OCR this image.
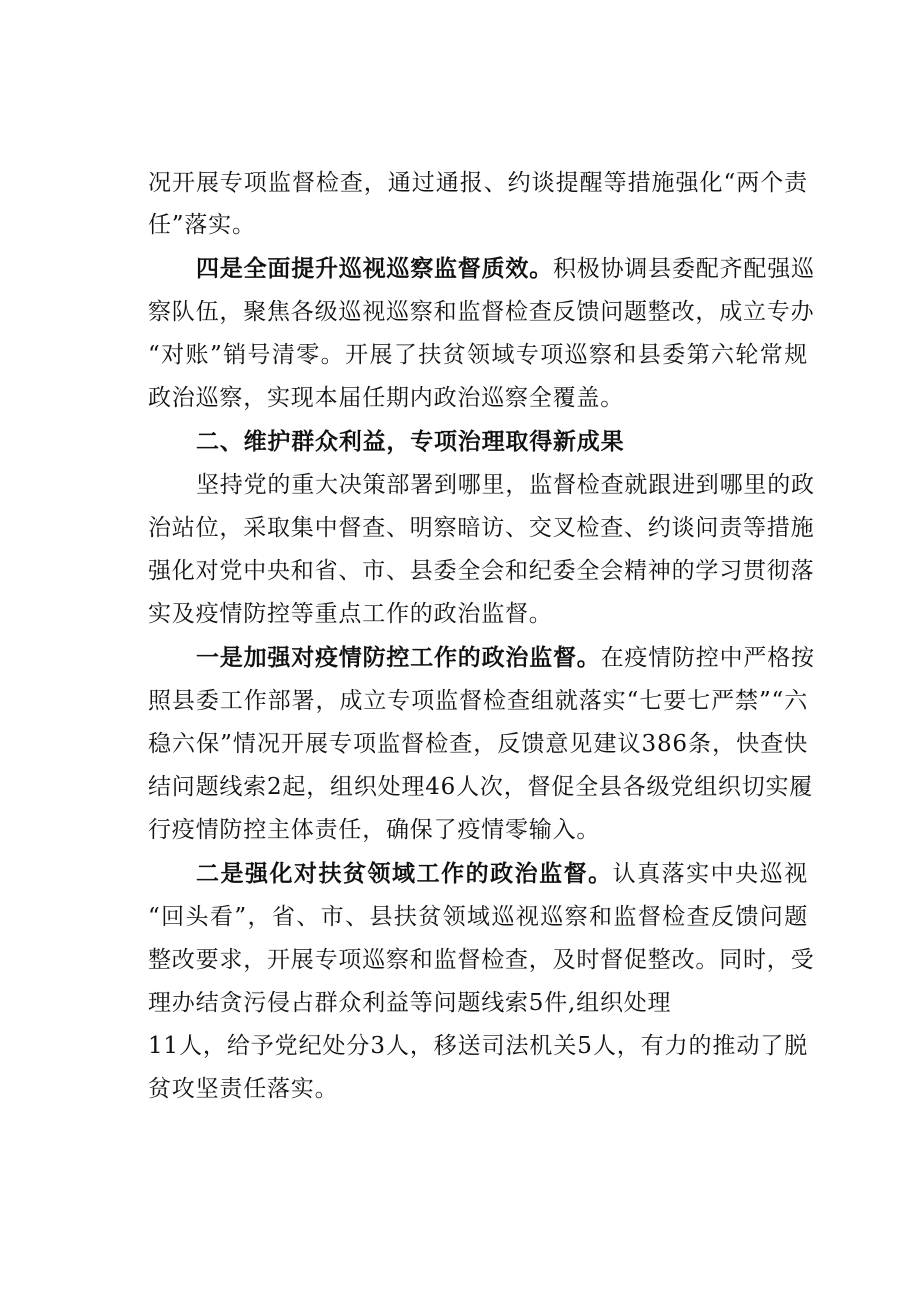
况开展专项监督检查，通过通报、约谈提醒等措施强化“两个责
任”落实。
四是全面提升巡视巡察监督质效。积极协调县委配齐配强巡
察队伍，聚焦各级巡视巡察和监督检查反馈问题整改，成立专办
“对账”销号清零。开展了扶贫领域专项巡察和县委第六轮常规
政治巡察，实现本届任期内政治巡察全覆盖。
二、维护群众利益，专项治理取得新成果
坚持党的重大决策部署到哪里，监督检查就跟进到哪里的政
治站位，采取集中督查、明察暗访、交叉检查、约谈问责等措施
强化对党中央和省、市、县委全会和纪委全会精神的学习贯彻落
实及疫情防控等重点工作的政治监督。
一是加强对疫情防控工作的政治监督。在疫情防控中严格按
照县委工作部署，成立专项监督检查组就落实“七要七严禁”“六
稳六保”情况开展专项监督检查，反馈意见建议386条，快查快
结问题线索2起，组织处理46人次，督促全县各级党组织切实履
行疫情防控主体责任，确保了疫情零输入。
二是强化对扶贫领域工作的政治监督。认真落实中央巡视
“回头看”，省、市、县扶贫领域巡视巡察和监督检查反馈问题
整改要求，开展专项巡察和监督检查，及时督促整改。同时，受
理办结贪污侵占群众利益等问题线索5件,组织处理
11人，给予党纪处分3人，移送司法机关5人，有力的推动了脱
贫攻坚责任落实。
